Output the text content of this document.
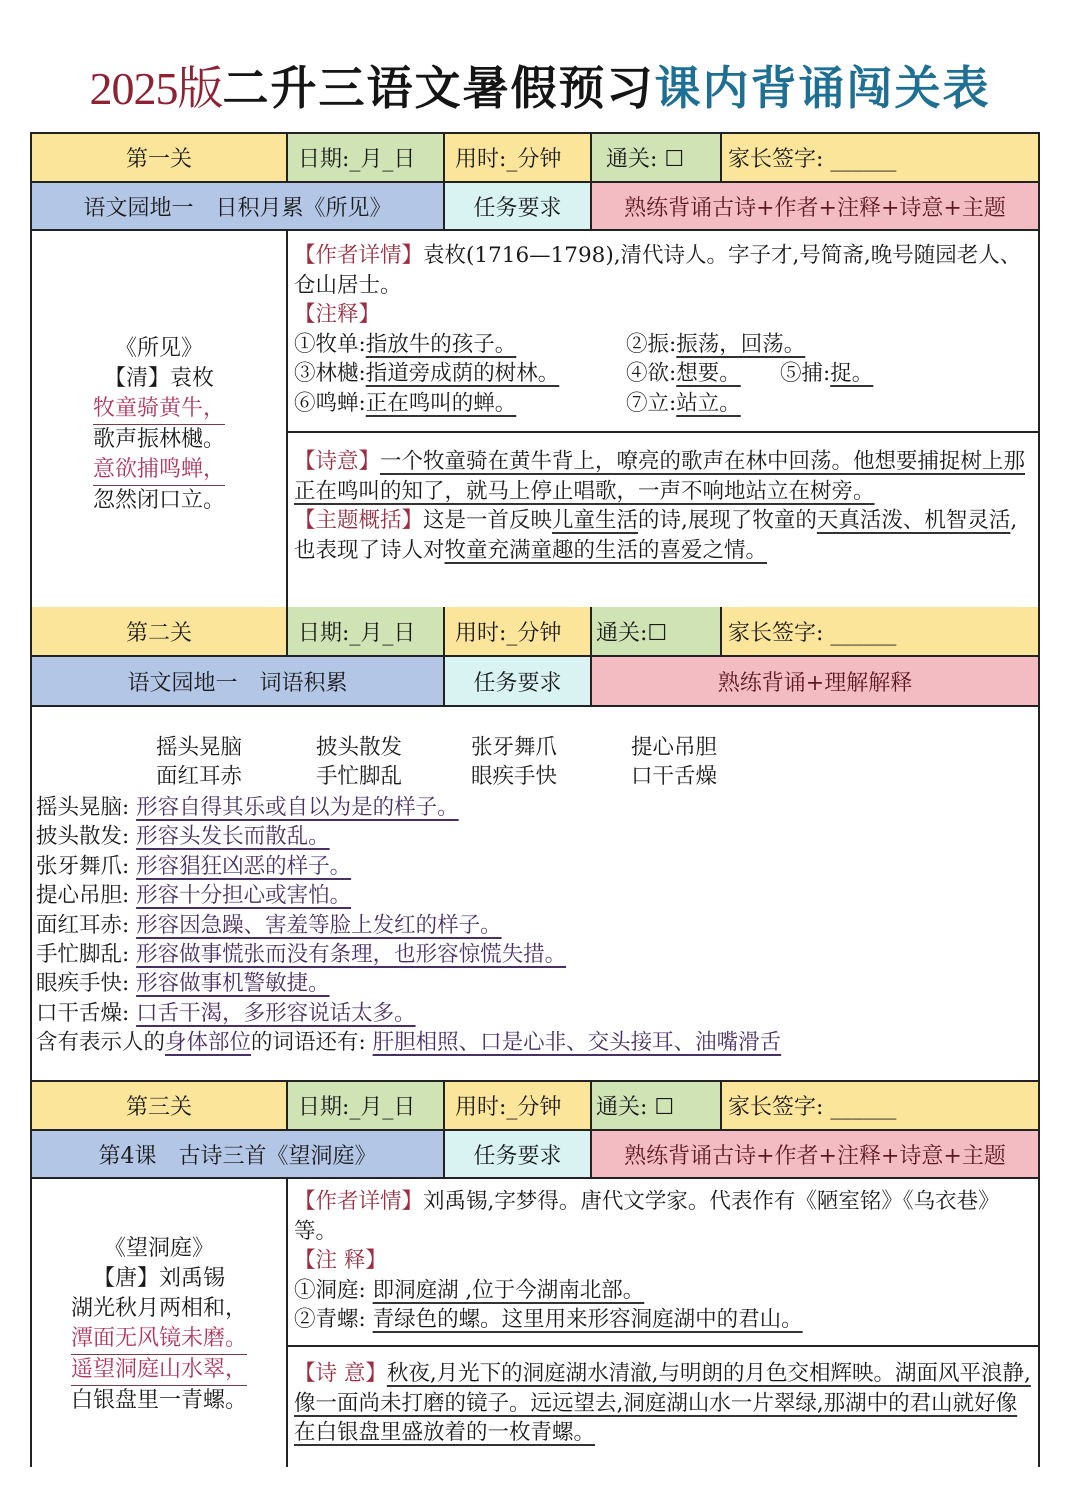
2025版二升三语文暑假预习课内背诵闯关表
第一关	日期:_月_日	用时:_分钟	通关: ☐	家长签字: ______
语文园地一　日积月累《所见》	任务要求	熟练背诵古诗+作者+注释+诗意+主题
《所见》
【清】袁枚
牧童骑黄牛，
歌声振林樾。
意欲捕鸣蝉，
忽然闭口立。
【作者详情】袁枚(1716—1798),清代诗人。字子才,号简斋,晚号随园老人、仓山居士。
【注释】
①牧单:指放牛的孩子。	②振:振荡，回荡。
③林樾:指道旁成荫的树林。	④欲:想要。	⑤捕:捉。
⑥鸣蝉:正在鸣叫的蝉。	⑦立:站立。
【诗意】一个牧童骑在黄牛背上，嘹亮的歌声在林中回荡。他想要捕捉树上那正在鸣叫的知了，就马上停止唱歌，一声不响地站立在树旁。
【主题概括】这是一首反映儿童生活的诗,展现了牧童的天真活泼、机智灵活,也表现了诗人对牧童充满童趣的生活的喜爱之情。
第二关	日期:_月_日	用时:_分钟	通关:☐	家长签字: ______
语文园地一　词语积累	任务要求	熟练背诵+理解解释
摇头晃脑	披头散发	张牙舞爪	提心吊胆
面红耳赤	手忙脚乱	眼疾手快	口干舌燥
摇头晃脑: 形容自得其乐或自以为是的样子。
披头散发: 形容头发长而散乱。
张牙舞爪: 形容猖狂凶恶的样子。
提心吊胆: 形容十分担心或害怕。
面红耳赤: 形容因急躁、害羞等脸上发红的样子。
手忙脚乱: 形容做事慌张而没有条理，也形容惊慌失措。
眼疾手快: 形容做事机警敏捷。
口干舌燥: 口舌干渴，多形容说话太多。
含有表示人的身体部位的词语还有: 肝胆相照、口是心非、交头接耳、油嘴滑舌
第三关	日期:_月_日	用时:_分钟	通关: ☐	家长签字: ______
第4课　古诗三首《望洞庭》	任务要求	熟练背诵古诗+作者+注释+诗意+主题
《望洞庭》
【唐】刘禹锡
湖光秋月两相和，
潭面无风镜未磨。
遥望洞庭山水翠，
白银盘里一青螺。
【作者详情】刘禹锡,字梦得。唐代文学家。代表作有《陋室铭》《乌衣巷》等。
【注 释】
①洞庭:
即洞庭湖 ,位于今湖南北部。
②青螺:
青绿色的螺。这里用来形容洞庭湖中的君山。
【诗 意】秋夜,月光下的洞庭湖水清澈,与明朗的月色交相辉映。湖面风平浪静,像一面尚未打磨的镜子。远远望去,洞庭湖山水一片翠绿,那湖中的君山就好像在白银盘里盛放着的一枚青螺。
